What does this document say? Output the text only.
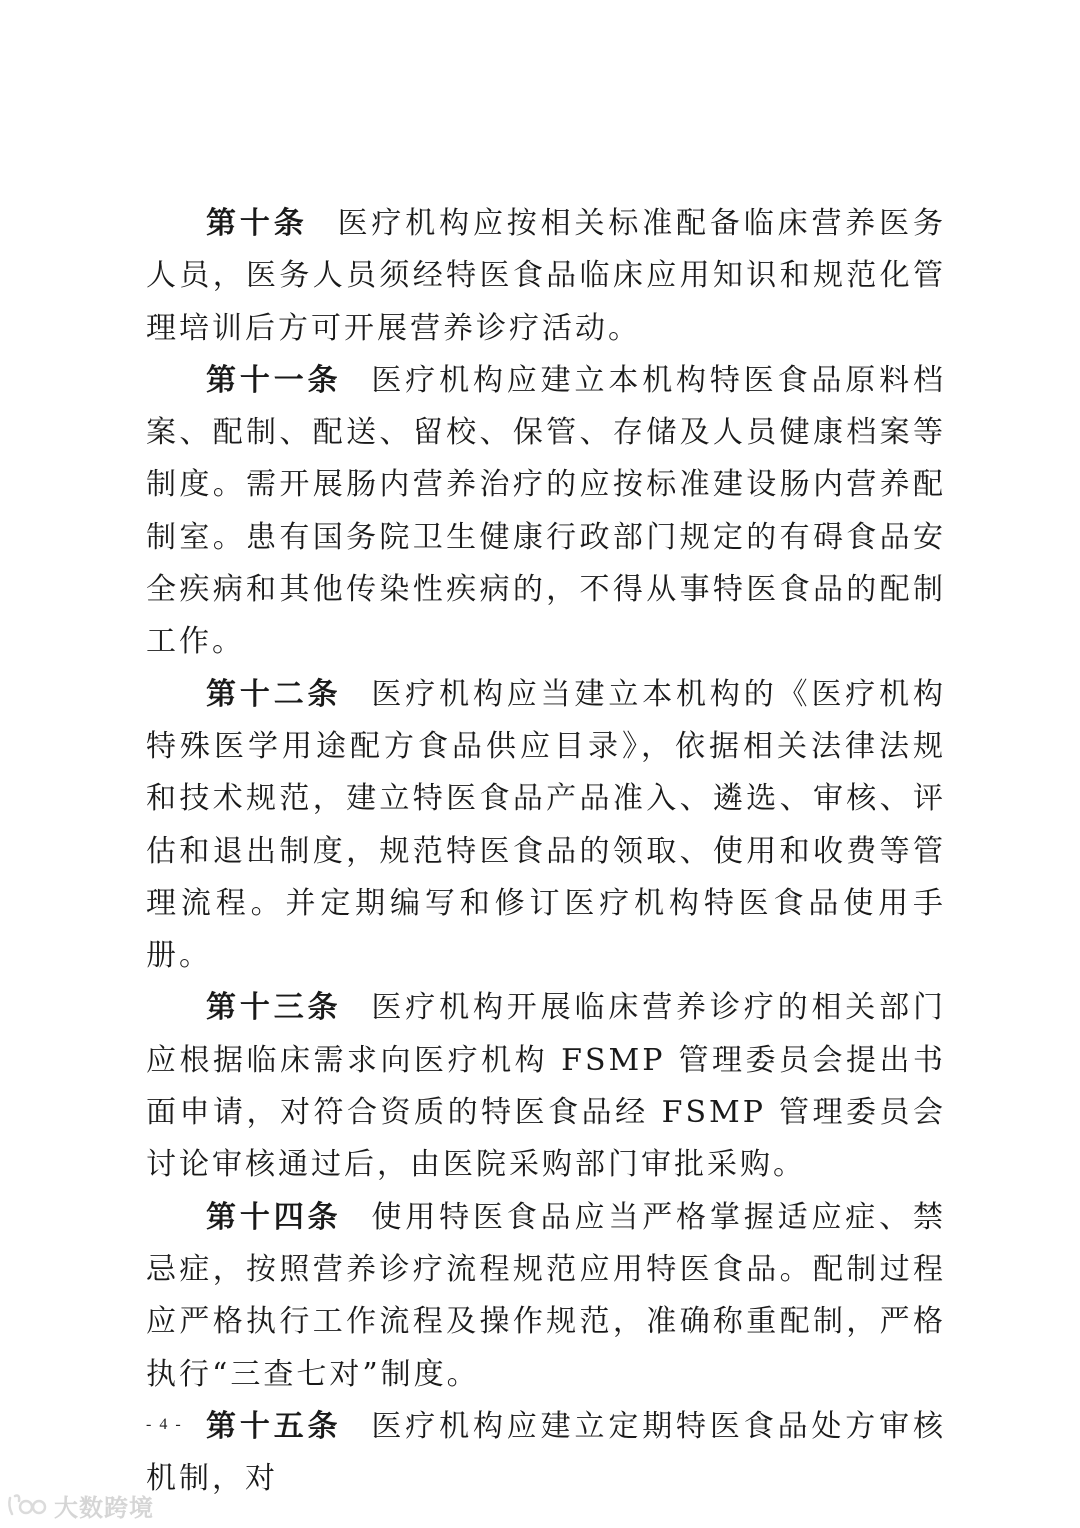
第十条 医疗机构应按相关标准配备临床营养医务人员，医务人员须经特医食品临床应用知识和规范化管理培训后方可开展营养诊疗活动。

第十一条 医疗机构应建立本机构特医食品原料档案、配制、配送、留校、保管、存储及人员健康档案等制度。需开展肠内营养治疗的应按标准建设肠内营养配制室。患有国务院卫生健康行政部门规定的有碍食品安全疾病和其他传染性疾病的，不得从事特医食品的配制工作。

第十二条 医疗机构应当建立本机构的《医疗机构特殊医学用途配方食品供应目录》，依据相关法律法规和技术规范，建立特医食品产品准入、遴选、审核、评估和退出制度，规范特医食品的领取、使用和收费等管理流程。并定期编写和修订医疗机构特医食品使用手册。

第十三条 医疗机构开展临床营养诊疗的相关部门应根据临床需求向医疗机构 FSMP 管理委员会提出书面申请，对符合资质的特医食品经 FSMP 管理委员会讨论审核通过后，由医院采购部门审批采购。

第十四条 使用特医食品应当严格掌握适应症、禁忌症，按照营养诊疗流程规范应用特医食品。配制过程应严格执行工作流程及操作规范，准确称重配制，严格执行“三查七对”制度。

第十五条 医疗机构应建立定期特医食品处方审核机制，对

- 4 -
大数跨境
